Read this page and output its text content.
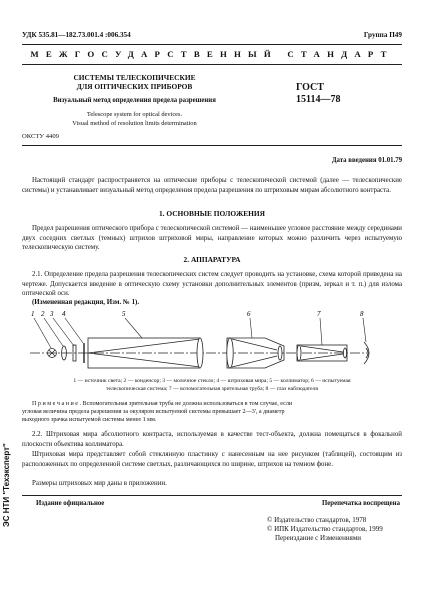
УДК 535.81—182.73.001.4 :006.354	Группа П49
МЕЖГОСУДАРСТВЕННЫЙ СТАНДАРТ
СИСТЕМЫ ТЕЛЕСКОПИЧЕСКИЕ
ДЛЯ ОПТИЧЕСКИХ ПРИБОРОВ
Визуальный метод определения предела разрешения
Telescope system for optical devices.
Visual method of resolution limits determination
ГОСТ
15114—78
ОКСТУ 4409
Дата введения 01.01.79
Настоящий стандарт распространяется на оптические приборы с телескопической системой (далее — телескопические системы) и устанавливает визуальный метод определения предела разрешения по штриховым мирам абсолютного контраста.
1. ОСНОВНЫЕ ПОЛОЖЕНИЯ
Предел разрешения оптического прибора с телескопической системой — наименьшее угловое расстояние между серединами двух соседних светлых (темных) штрихов штриховой миры, направление которых можно различить через испытуемую телескопическую систему.
2. АППАРАТУРА
2.1. Определение предела разрешения телескопических систем следует проводить на установке, схема которой приведена на чертеже. Допускается введение в оптическую схему установки дополнительных элементов (призм, зеркал и т. п.) для излома оптической оси.
(Измененная редакция, Изм. № 1).
1 2 3 4	5	6	7	8
1 — источник света; 2 — конденсор; 3 — молочное стекло; 4 — штриховая мира; 5 — коллиматор; 6 — испытуемая
телескопическая система; 7 — вспомогательная зрительная труба; 8 — глаз наблюдателя
П р и м е ч а н и е . Вспомогательная зрительная труба не должна использоваться в том случае, если
угловая величина предела разрешения за окуляром испытуемой системы превышает 2—3', а диаметр
выходного зрачка испытуемой системы менее 1 мм.
2.2. Штриховая мира абсолютного контраста, используемая в качестве тест-объекта, должна помещаться в фокальной плоскости объектива коллиматора.
Штриховая мира представляет собой стеклянную пластинку с нанесенным на нее рисунком (таблицей), состоящим из расположенных по определенной системе светлых, различающихся по ширине, штрихов на темном фоне.
Размеры штриховых мир даны в приложении.
Издание официальное	Перепечатка воспрещена
© Издательство стандартов, 1978
© ИПК Издательство стандартов, 1999
Переиздание с Изменениями
ЭС НТИ "Техэксперт"
